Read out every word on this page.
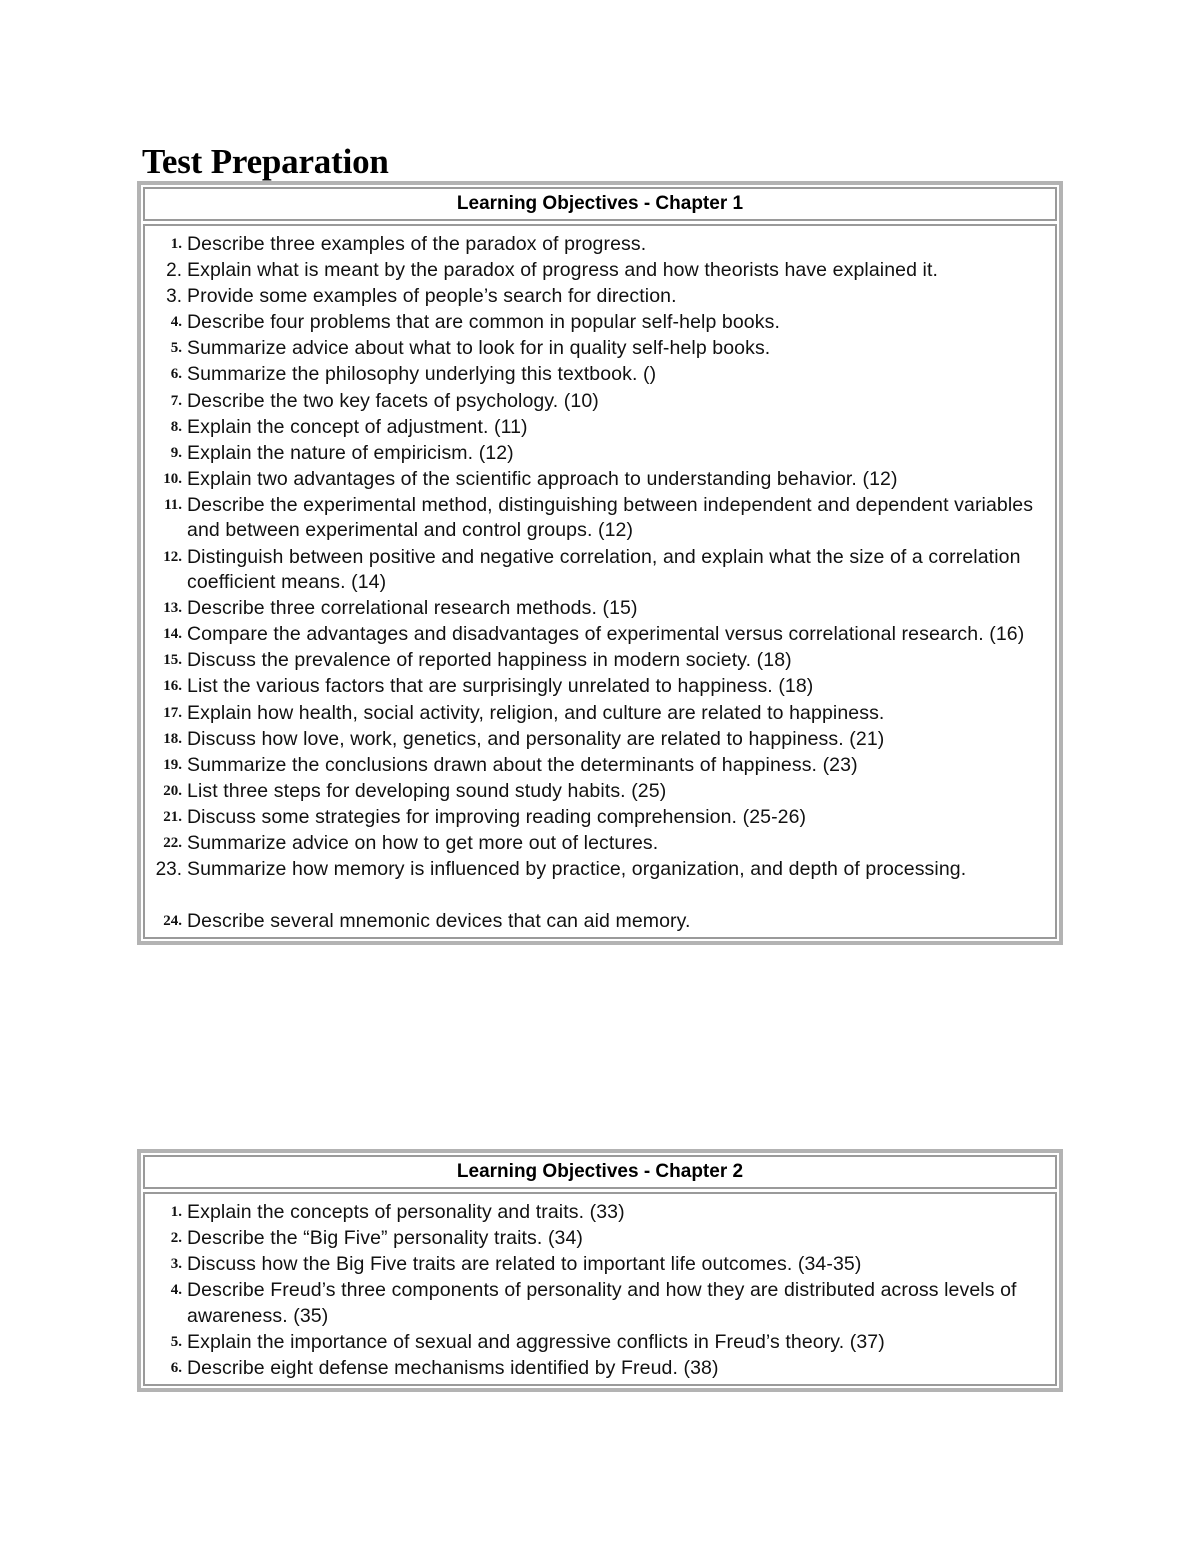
Test Preparation
Learning Objectives - Chapter 1
1. Describe three examples of the paradox of progress.
2. Explain what is meant by the paradox of progress and how theorists have explained it.
3. Provide some examples of people’s search for direction.
4. Describe four problems that are common in popular self-help books.
5. Summarize advice about what to look for in quality self-help books.
6. Summarize the philosophy underlying this textbook. ()
7. Describe the two key facets of psychology. (10)
8. Explain the concept of adjustment. (11)
9. Explain the nature of empiricism. (12)
10. Explain two advantages of the scientific approach to understanding behavior. (12)
11. Describe the experimental method, distinguishing between independent and dependent variables and between experimental and control groups. (12)
12. Distinguish between positive and negative correlation, and explain what the size of a correlation coefficient means. (14)
13. Describe three correlational research methods. (15)
14. Compare the advantages and disadvantages of experimental versus correlational research. (16)
15. Discuss the prevalence of reported happiness in modern society. (18)
16. List the various factors that are surprisingly unrelated to happiness. (18)
17. Explain how health, social activity, religion, and culture are related to happiness.
18. Discuss how love, work, genetics, and personality are related to happiness. (21)
19. Summarize the conclusions drawn about the determinants of happiness. (23)
20. List three steps for developing sound study habits. (25)
21. Discuss some strategies for improving reading comprehension. (25-26)
22. Summarize advice on how to get more out of lectures.
23. Summarize how memory is influenced by practice, organization, and depth of processing.
24. Describe several mnemonic devices that can aid memory.
Learning Objectives - Chapter 2
1. Explain the concepts of personality and traits. (33)
2. Describe the “Big Five” personality traits. (34)
3. Discuss how the Big Five traits are related to important life outcomes. (34-35)
4. Describe Freud’s three components of personality and how they are distributed across levels of awareness. (35)
5. Explain the importance of sexual and aggressive conflicts in Freud’s theory. (37)
6. Describe eight defense mechanisms identified by Freud. (38)
